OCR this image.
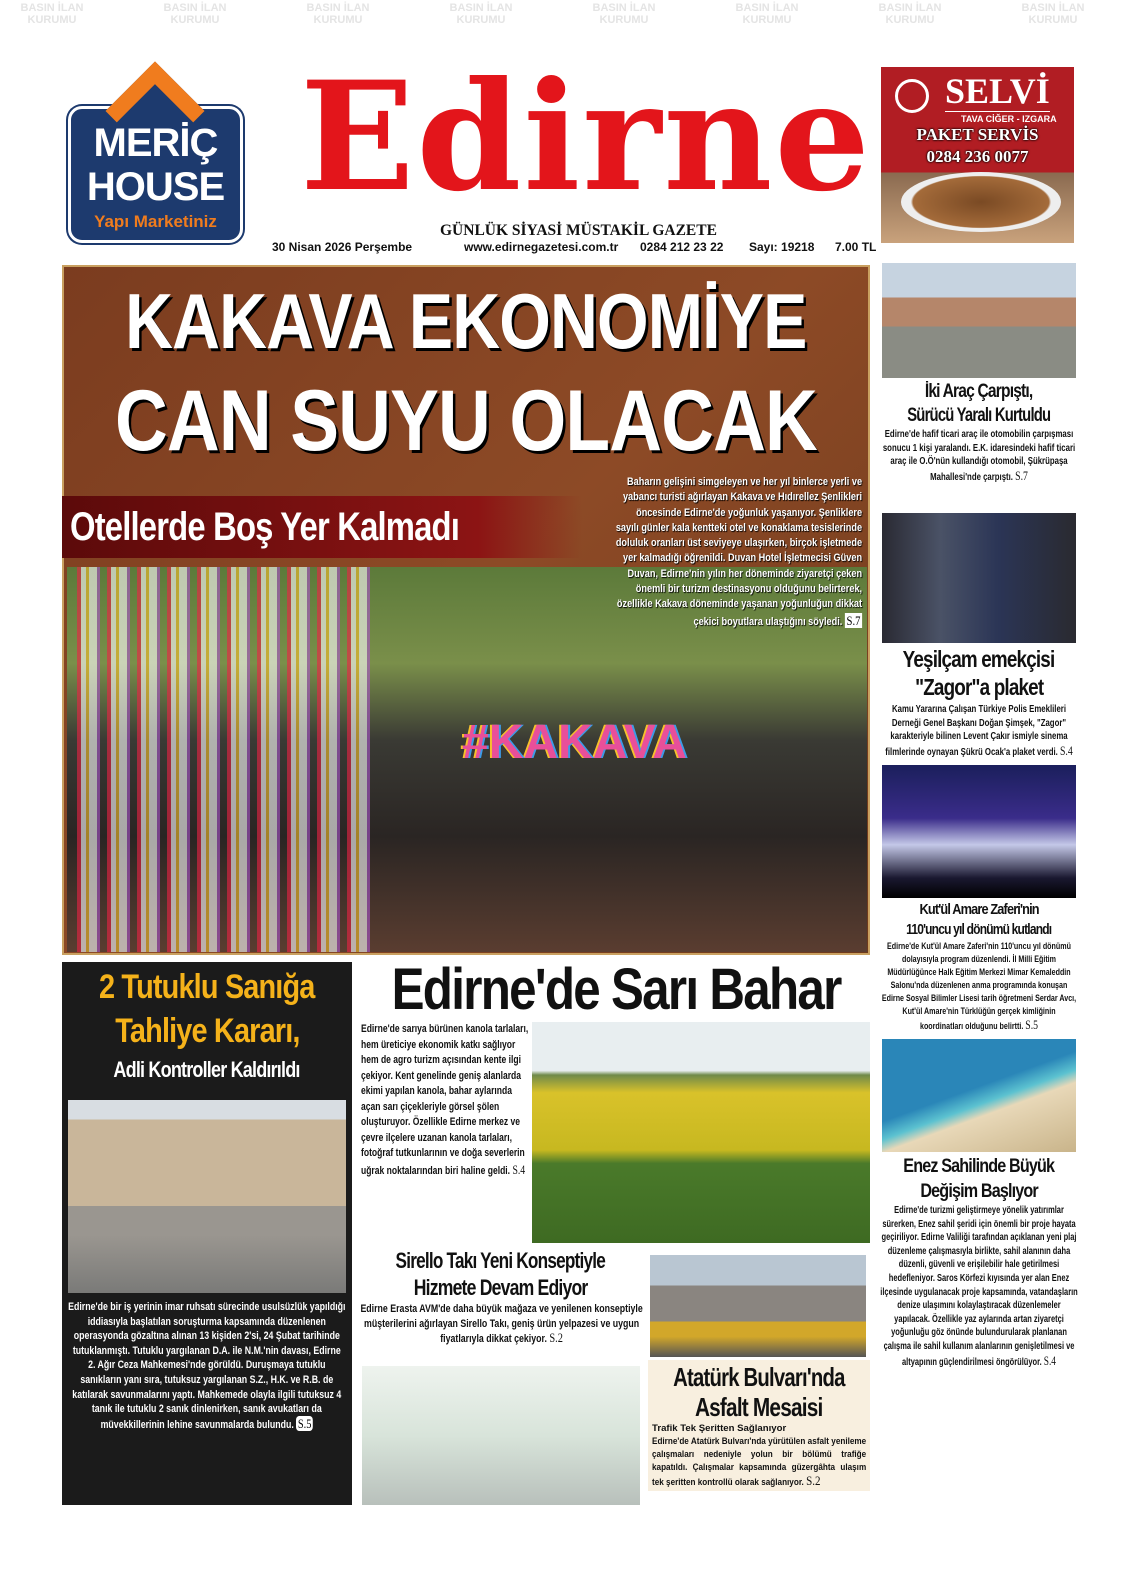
BASIN İLAN KURUMU
BASIN İLAN KURUMU
BASIN İLAN KURUMU
BASIN İLAN KURUMU
BASIN İLAN KURUMU
BASIN İLAN KURUMU
BASIN İLAN KURUMU
BASIN İLAN KURUMU
MERİÇ
HOUSE
Yapı Marketiniz Edirne
GÜNLÜK SİYASİ MÜSTAKİL GAZETE
30 Nisan 2026 Perşembe	www.edirnegazetesi.com.tr 0284 212 23 22 Sayı: 19218 7.00 TL
SELVİ
TAVA CİĞER - IZGARA
PAKET SERVİS
0284 236 0077
KAKAVA EKONOMİYE
CAN SUYU OLACAK
Otellerde Boş Yer Kalmadı
#KAKAVA
Baharın gelişini simgeleyen ve her yıl binlerce yerli ve yabancı turisti ağırlayan Kakava ve Hıdırellez Şenlikleri öncesinde Edirne'de yoğunluk yaşanıyor. Şenliklere sayılı günler kala kentteki otel ve konaklama tesislerinde doluluk oranları üst seviyeye ulaşırken, birçok işletmede yer kalmadığı öğrenildi. Duvan Hotel İşletmecisi Güven Duvan, Edirne'nin yılın her döneminde ziyaretçi çeken önemli bir turizm destinasyonu olduğunu belirterek, özellikle Kakava döneminde yaşanan yoğunluğun dikkat çekici boyutlara ulaştığını söyledi. S.7
İki Araç Çarpıştı,
Sürücü Yaralı Kurtuldu
Edirne'de hafif ticari araç ile otomobilin çarpışması sonucu 1 kişi yaralandı. E.K. idaresindeki hafif ticari araç ile O.Ö'nün kullandığı otomobil, Şükrüpaşa Mahallesi'nde çarpıştı. S.7
Yeşilçam emekçisi
"Zagor"a plaket
Kamu Yararına Çalışan Türkiye Polis Emeklileri Derneği Genel Başkanı Doğan Şimşek, "Zagor" karakteriyle bilinen Levent Çakır ismiyle sinema filmlerinde oynayan Şükrü Ocak'a plaket verdi. S.4
Kut'ül Amare Zaferi'nin
110'uncu yıl dönümü kutlandı
Edirne'de Kut'ül Amare Zaferi'nin 110'uncu yıl dönümü dolayısıyla program düzenlendi. İl Milli Eğitim Müdürlüğünce Halk Eğitim Merkezi Mimar Kemaleddin Salonu'nda düzenlenen anma programında konuşan Edirne Sosyal Bilimler Lisesi tarih öğretmeni Serdar Avcı, Kut'ül Amare'nin Türklüğün gerçek kimliğinin koordinatları olduğunu belirtti. S.5
Enez Sahilinde Büyük
Değişim Başlıyor
Edirne'de turizmi geliştirmeye yönelik yatırımlar sürerken, Enez sahil şeridi için önemli bir proje hayata geçiriliyor. Edirne Valiliği tarafından açıklanan yeni plaj düzenleme çalışmasıyla birlikte, sahil alanının daha düzenli, güvenli ve erişilebilir hale getirilmesi hedefleniyor. Saros Körfezi kıyısında yer alan Enez ilçesinde uygulanacak proje kapsamında, vatandaşların denize ulaşımını kolaylaştıracak düzenlemeler yapılacak. Özellikle yaz aylarında artan ziyaretçi yoğunluğu göz önünde bulundurularak planlanan çalışma ile sahil kullanım alanlarının genişletilmesi ve altyapının güçlendirilmesi öngörülüyor. S.4
2 Tutuklu Sanığa
Tahliye Kararı,
Adli Kontroller Kaldırıldı
Edirne'de bir iş yerinin imar ruhsatı sürecinde usulsüzlük yapıldığı iddiasıyla başlatılan soruşturma kapsamında düzenlenen operasyonda gözaltına alınan 13 kişiden 2'si, 24 Şubat tarihinde tutuklanmıştı. Tutuklu yargılanan D.A. ile N.M.'nin davası, Edirne 2. Ağır Ceza Mahkemesi'nde görüldü. Duruşmaya tutuklu sanıkların yanı sıra, tutuksuz yargılanan S.Z., H.K. ve R.B. de katılarak savunmalarını yaptı. Mahkemede olayla ilgili tutuksuz 4 tanık ile tutuklu 2 sanık dinlenirken, sanık avukatları da müvekkillerinin lehine savunmalarda bulundu. S.5
Edirne'de Sarı Bahar
Edirne'de sarıya bürünen kanola tarlaları, hem üreticiye ekonomik katkı sağlıyor hem de agro turizm açısından kente ilgi çekiyor. Kent genelinde geniş alanlarda ekimi yapılan kanola, bahar aylarında açan sarı çiçekleriyle görsel şölen oluşturuyor. Özellikle Edirne merkez ve çevre ilçelere uzanan kanola tarlaları, fotoğraf tutkunlarının ve doğa severlerin uğrak noktalarından biri haline geldi. S.4
Sirello Takı Yeni Konseptiyle
Hizmete Devam Ediyor
Edirne Erasta AVM'de daha büyük mağaza ve yenilenen konseptiyle müşterilerini ağırlayan Sirello Takı, geniş ürün yelpazesi ve uygun fiyatlarıyla dikkat çekiyor. S.2
Atatürk Bulvarı'nda
Asfalt Mesaisi
Trafik Tek Şeritten Sağlanıyor
Edirne'de Atatürk Bulvarı'nda yürütülen asfalt yenileme çalışmaları nedeniyle yolun bir bölümü trafiğe kapatıldı. Çalışmalar kapsamında güzergâhta ulaşım tek şeritten kontrollü olarak sağlanıyor. S.2
